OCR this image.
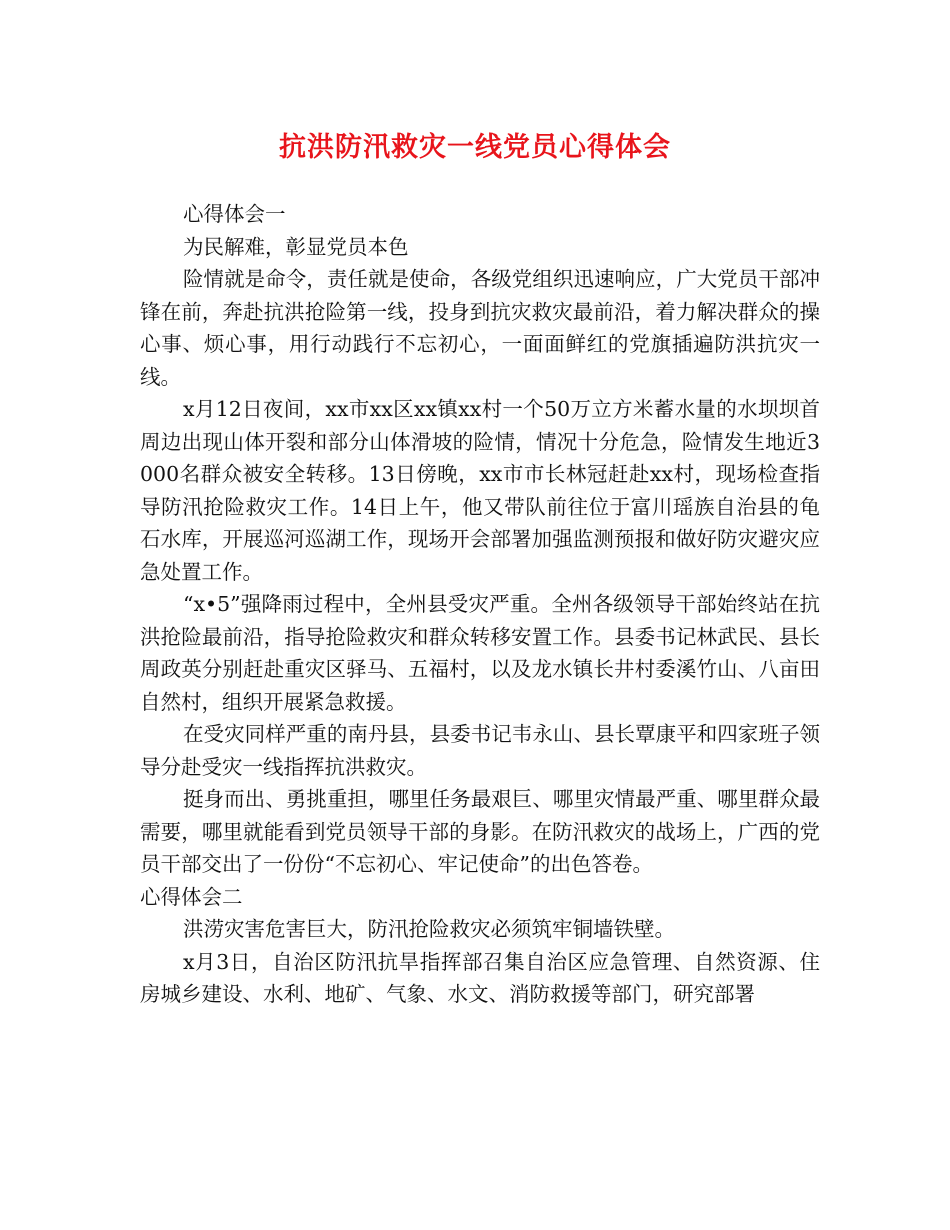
抗洪防汛救灾一线党员心得体会

心得体会一

为民解难，彰显党员本色

险情就是命令，责任就是使命，各级党组织迅速响应，广大党员干部冲锋在前，奔赴抗洪抢险第一线，投身到抗灾救灾最前沿，着力解决群众的操心事、烦心事，用行动践行不忘初心，一面面鲜红的党旗插遍防洪抗灾一线。

x月12日夜间，xx市xx区xx镇xx村一个50万立方米蓄水量的水坝坝首周边出现山体开裂和部分山体滑坡的险情，情况十分危急，险情发生地近3000名群众被安全转移。13日傍晚，xx市市长林冠赶赴xx村，现场检查指导防汛抢险救灾工作。14日上午，他又带队前往位于富川瑶族自治县的龟石水库，开展巡河巡湖工作，现场开会部署加强监测预报和做好防灾避灾应急处置工作。

“x•5”强降雨过程中，全州县受灾严重。全州各级领导干部始终站在抗洪抢险最前沿，指导抢险救灾和群众转移安置工作。县委书记林武民、县长周政英分别赶赴重灾区驿马、五福村，以及龙水镇长井村委溪竹山、八亩田自然村，组织开展紧急救援。

在受灾同样严重的南丹县，县委书记韦永山、县长覃康平和四家班子领导分赴受灾一线指挥抗洪救灾。

挺身而出、勇挑重担，哪里任务最艰巨、哪里灾情最严重、哪里群众最需要，哪里就能看到党员领导干部的身影。在防汛救灾的战场上，广西的党员干部交出了一份份“不忘初心、牢记使命”的出色答卷。

心得体会二

洪涝灾害危害巨大，防汛抢险救灾必须筑牢铜墙铁壁。

x月3日，自治区防汛抗旱指挥部召集自治区应急管理、自然资源、住房城乡建设、水利、地矿、气象、水文、消防救援等部门，研究部署
